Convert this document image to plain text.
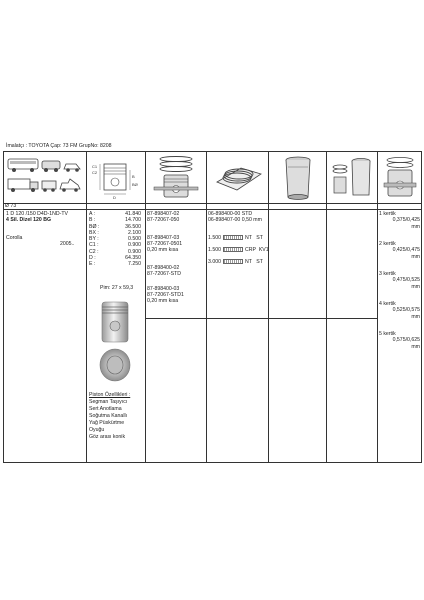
İmalatçı : TOYOTA Çap: 73 FM GrupNo: 8208
Ø 73
C1
C2
D
B
BØ
1 D 120 /150 D4D-1ND-TV
4 Sil. Dizel 120 BG
Corolla
2005..
A :	41.840
B :	14.700
BØ :	36.500
BX :	2.100
BY :	0.500
C1 :	0.900
C2 :	0.900
D :	64.350
E :	7.250
Pim: 27 x 59,3
Piston Özellikleri :
Segman Taşıyıcı
Sert Anotlama
Soğutma Kanallı
Yağ Püskürtme
Oyuğu
Göz arası konik
87-898407-02
87-72067-050
87-898407-03
87-72067-0501
0,20 mm kısa
87-898400-02
87-72067-STD
87-898400-03
87-72067-STD1
0,20 mm kısa
06-898400-00 STD
06-898407-00 0,50 mm
1.500	NT ST
1.500	CRP KV1
3.000	NT ST
1 kertik
0,375/0,425
mm
2 kertik
0,425/0,475
mm
3 kertik
0,475/0,525
mm
4 kertik
0,525/0,575
mm
5 kertik
0,575/0,625
mm
